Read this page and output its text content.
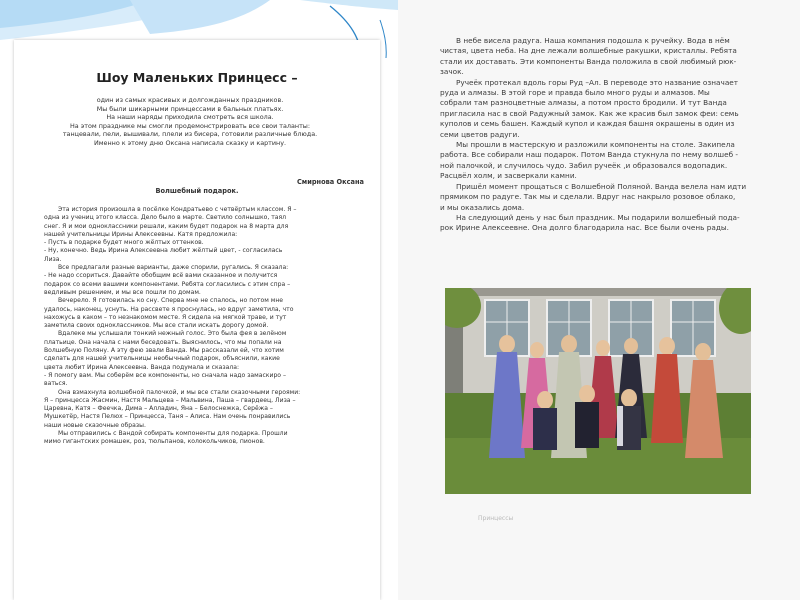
Шоу Маленьких Принцесс –

один из самых красивых и долгожданных праздников.

Мы были шикарными принцессами в бальных платьях.

На наши наряды приходила смотреть вся школа.

На этом празднике мы смогли продемонстрировать все свои таланты:

танцевали, пели, вышивали, плели из бисера, готовили различные блюда.

Именно к этому дню Оксана написала сказку и картину.

Смирнова Оксана
Волшебный подарок.

Эта история произошла в посёлке Кондратьево с четвёртым классом. Я –

одна из учениц этого класса. Дело было в марте. Светило солнышко, таял

снег. Я и мои одноклассники решали, каким будет подарок на 8 марта для

нашей учительницы Ирины Алексеевны. Катя предложила:

- Пусть в подарке будет много жёлтых оттенков.

- Ну, конечно. Ведь Ирина Алексеевна любит жёлтый цвет, - согласилась

Лиза.

Все предлагали разные варианты, даже спорили, ругались. Я сказала:

- Не надо ссориться. Давайте обобщим всё вами сказанное и получится

подарок со всеми вашими компонентами. Ребята согласились с этим спра –

ведливым решением, и мы все пошли по домам.

Вечерело. Я готовилась ко сну. Сперва мне не спалось, но потом мне

удалось, наконец, уснуть. На рассвете я проснулась, но вдруг заметила, что

нахожусь в каком – то незнакомом месте. Я сидела на мягкой траве, и тут

заметила своих одноклассников. Мы все стали искать дорогу домой.

Вдалеке мы услышали тонкий нежный голос. Это была фея в зелёном

платьице. Она начала с нами беседовать. Выяснилось, что мы попали на

Волшебную Поляну. А эту фею звали Ванда. Мы рассказали ей, что хотим

сделать для нашей учительницы необычный подарок, объяснили, какие

цвета любит Ирина Алексеевна. Ванда подумала и сказала:

- Я помогу вам. Мы соберём все компоненты, но сначала надо замаскиро –

ваться.

Она взмахнула волшебной палочкой, и мы все стали сказочными героями:

Я – принцесса Жасмин, Настя Мальцева – Мальвина, Паша – гвардеец, Лиза –

Царевна, Катя – Феечка, Дима – Алладин, Яна – Белоснежка, Серёжа –

Мушкетёр, Настя Пелюх – Принцесса, Таня – Алиса. Нам очень понравились

наши новые сказочные образы.

Мы отправились с Вандой собирать компоненты для подарка. Прошли

мимо гигантских ромашек, роз, тюльпанов, колокольчиков, пионов.

В небе висела радуга. Наша компания подошла к ручейку. Вода в нём

чистая, цвета неба. На дне лежали волшебные ракушки, кристаллы. Ребята

стали их доставать. Эти компоненты Ванда положила в свой любимый рюк-

зачок.

Ручеёк протекал вдоль горы Руд –Ал. В переводе это название означает

руда и алмазы. В этой горе и правда было много руды и алмазов. Мы

собрали там разноцветные алмазы, а потом просто бродили. И тут Ванда

пригласила нас в свой Радужный замок. Как же красив был замок феи: семь

куполов и семь башен. Каждый купол и каждая башня окрашены в один из

семи цветов радуги.

Мы прошли в мастерскую и разложили компоненты на столе. Закипела

работа. Все собирали наш подарок. Потом Ванда стукнула по нему волшеб -

ной палочкой, и случилось чудо. Забил ручеёк ,и образовался водопадик.

Расцвёл холм, и засверкали камни.

Пришёл момент прощаться с Волшебной Поляной. Ванда велела нам идти

прямиком по радуге. Так мы и сделали. Вдруг нас накрыло розовое облако,

и мы оказались дома.

На следующий день у нас был праздник. Мы подарили волшебный пода-

рок Ирине Алексеевне. Она долго благодарила нас. Все были очень рады.

Принцессы
